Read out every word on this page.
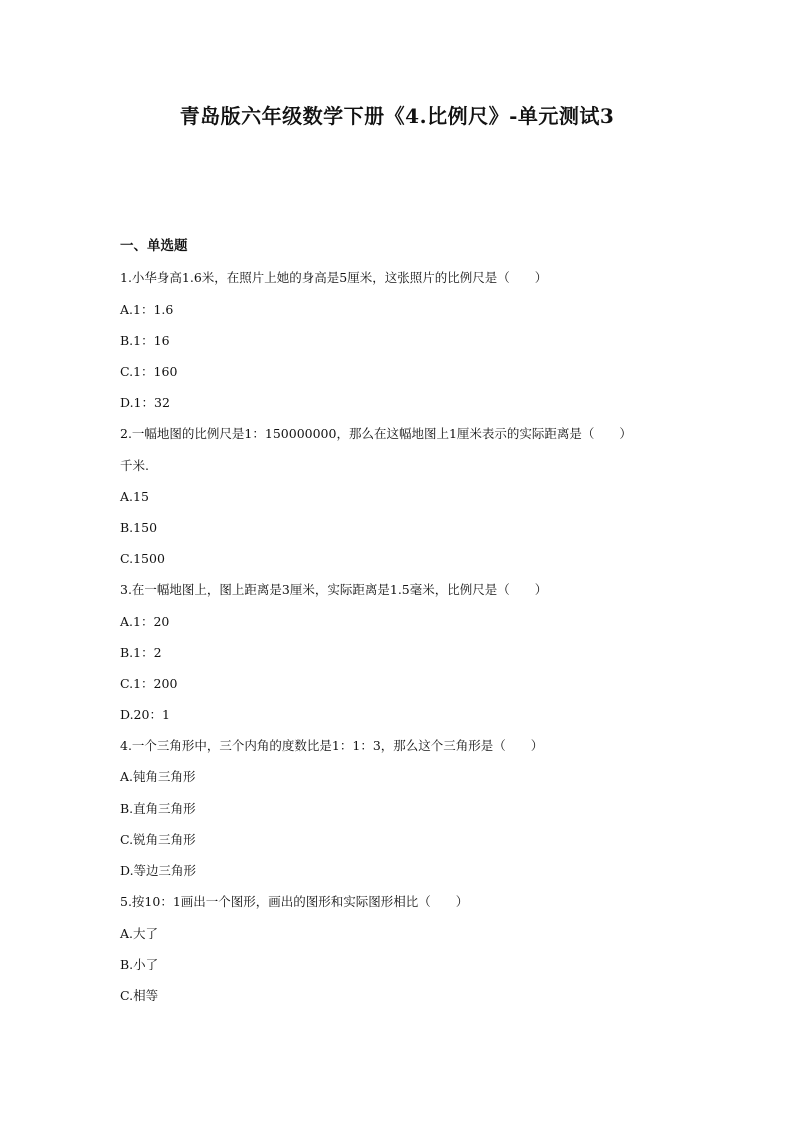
青岛版六年级数学下册《4.比例尺》-单元测试3
一、单选题
1.小华身高1.6米，在照片上她的身高是5厘米，这张照片的比例尺是（　　）
A.1：1.6
B.1：16
C.1：160
D.1：32
2.一幅地图的比例尺是1：150000000，那么在这幅地图上1厘米表示的实际距离是（　　）
千米.
A.15
B.150
C.1500
3.在一幅地图上，图上距离是3厘米，实际距离是1.5毫米，比例尺是（　　）
A.1：20
B.1：2
C.1：200
D.20：1
4.一个三角形中，三个内角的度数比是1：1：3，那么这个三角形是（　　）
A.钝角三角形
B.直角三角形
C.锐角三角形
D.等边三角形
5.按10：1画出一个图形，画出的图形和实际图形相比（　　）
A.大了
B.小了
C.相等
